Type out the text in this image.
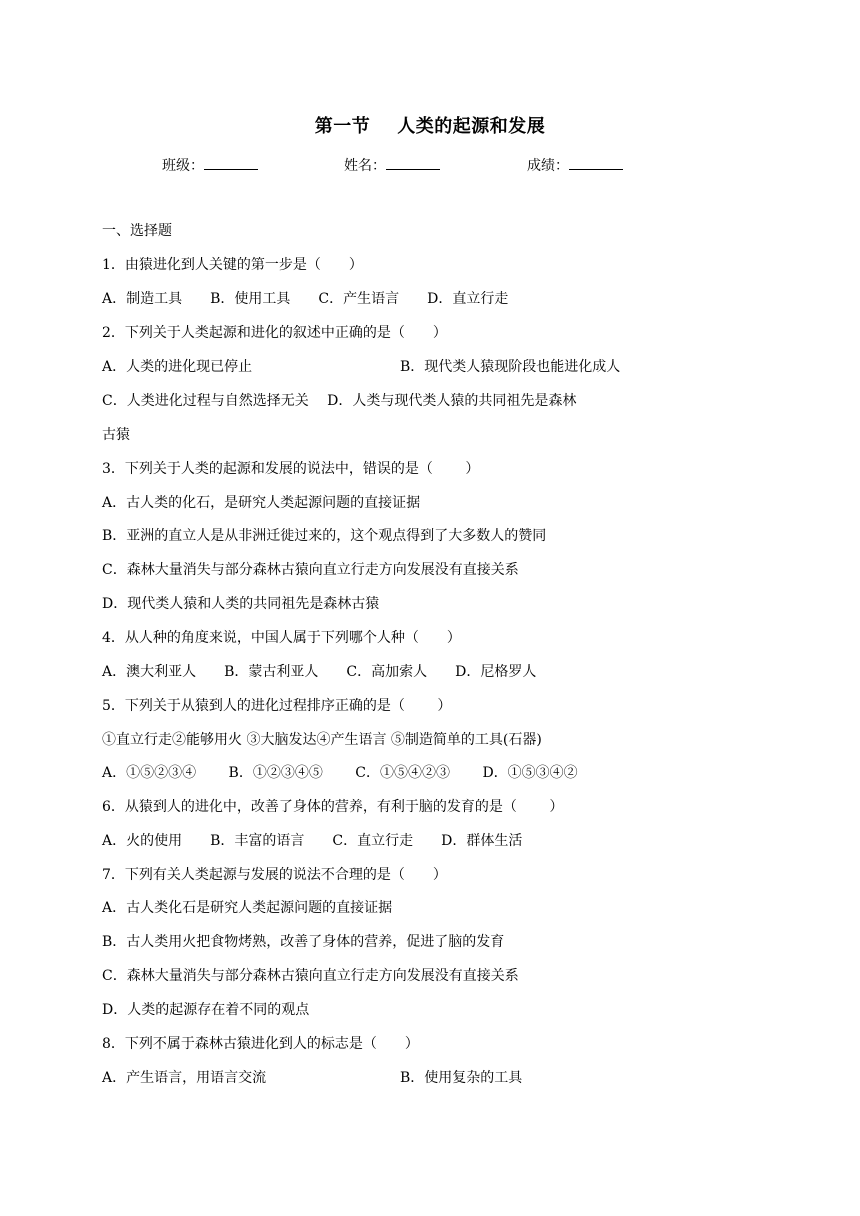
第一节    人类的起源和发展
班级：	姓名：	成绩：
一、选择题
1．由猿进化到人关键的第一步是（　　）
A．制造工具　　B．使用工具　　C．产生语言　　D．直立行走
2．下列关于人类起源和进化的叙述中正确的是（　　）
A．人类的进化现已停止	B．现代类人猿现阶段也能进化成人
C．人类进化过程与自然选择无关　 D．人类与现代类人猿的共同祖先是森林
古猿
3．下列关于人类的起源和发展的说法中，错误的是（　　 ）
A．古人类的化石，是研究人类起源问题的直接证据
B．亚洲的直立人是从非洲迁徙过来的，这个观点得到了大多数人的赞同
C．森林大量消失与部分森林古猿向直立行走方向发展没有直接关系
D．现代类人猿和人类的共同祖先是森林古猿
4．从人种的角度来说，中国人属于下列哪个人种（　　）
A．澳大利亚人　　B．蒙古利亚人　　C．高加索人　　D．尼格罗人
5．下列关于从猿到人的进化过程排序正确的是（　　 ）
①直立行走②能够用火 ③大脑发达④产生语言 ⑤制造简单的工具(石器)
A．①⑤②③④　　 B．①②③④⑤　　 C．①⑤④②③　　 D．①⑤③④②
6．从猿到人的进化中，改善了身体的营养，有利于脑的发育的是（　　 ）
A．火的使用　　B．丰富的语言　　C．直立行走　　D．群体生活
7．下列有关人类起源与发展的说法不合理的是（　　）
A．古人类化石是研究人类起源问题的直接证据
B．古人类用火把食物烤熟，改善了身体的营养，促进了脑的发育
C．森林大量消失与部分森林古猿向直立行走方向发展没有直接关系
D．人类的起源存在着不同的观点
8．下列不属于森林古猿进化到人的标志是（　　）
A．产生语言，用语言交流	B．使用复杂的工具
